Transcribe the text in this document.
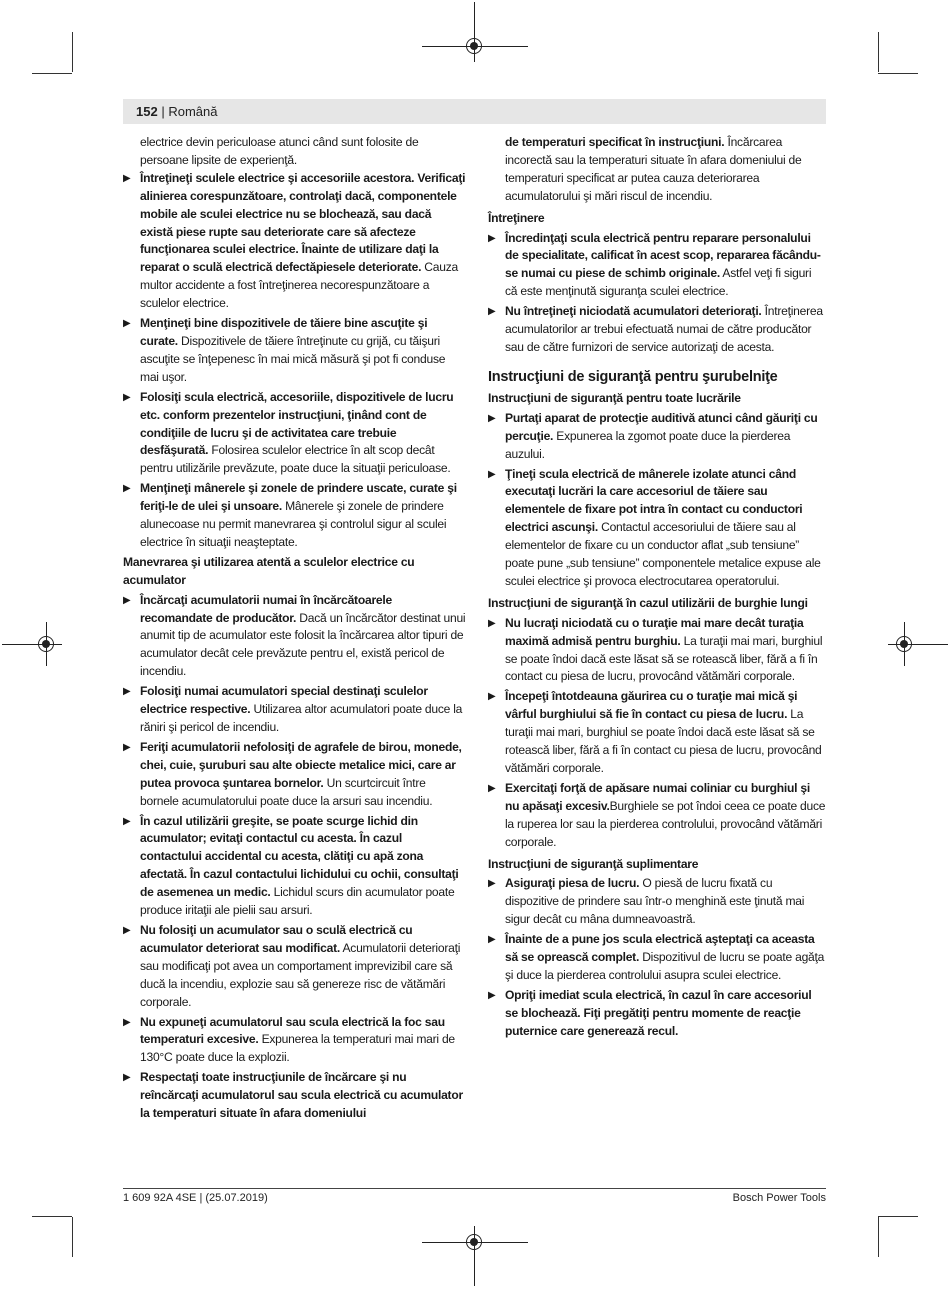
152 | Română
electrice devin periculoase atunci când sunt folosite de persoane lipsite de experienţă.
▶ Întreţineţi sculele electrice şi accesoriile acestora. Verificaţi alinierea corespunzătoare, controlaţi dacă, componentele mobile ale sculei electrice nu se blochează, sau dacă există piese rupte sau deteriorate care să afecteze funcţionarea sculei electrice. Înainte de utilizare daţi la reparat o sculă electrică defectăpiesele deteriorate. Cauza multor accidente a fost întreţinerea necorespunzătoare a sculelor electrice.
▶ Menţineţi bine dispozitivele de tăiere bine ascuţite şi curate. Dispozitivele de tăiere întreţinute cu grijă, cu tăişuri ascuţite se înţepenesc în mai mică măsură şi pot fi conduse mai uşor.
▶ Folosiţi scula electrică, accesoriile, dispozitivele de lucru etc. conform prezentelor instrucţiuni, ţinând cont de condiţiile de lucru şi de activitatea care trebuie desfăşurată. Folosirea sculelor electrice în alt scop decât pentru utilizările prevăzute, poate duce la situaţii periculoase.
▶ Menţineţi mânerele şi zonele de prindere uscate, curate şi feriţi-le de ulei şi unsoare. Mânerele şi zonele de prindere alunecoase nu permit manevrarea şi controlul sigur al sculei electrice în situaţii neaşteptate.
Manevrarea şi utilizarea atentă a sculelor electrice cu acumulator
▶ Încărcaţi acumulatorii numai în încărcătoarele recomandate de producător. Dacă un încărcător destinat unui anumit tip de acumulator este folosit la încărcarea altor tipuri de acumulator decât cele prevăzute pentru el, există pericol de incendiu.
▶ Folosiţi numai acumulatori special destinaţi sculelor electrice respective. Utilizarea altor acumulatori poate duce la răniri şi pericol de incendiu.
▶ Feriţi acumulatorii nefolosiţi de agrafele de birou, monede, chei, cuie, şuruburi sau alte obiecte metalice mici, care ar putea provoca şuntarea bornelor. Un scurtcircuit între bornele acumulatorului poate duce la arsuri sau incendiu.
▶ În cazul utilizării greşite, se poate scurge lichid din acumulator; evitaţi contactul cu acesta. În cazul contactului accidental cu acesta, clătiţi cu apă zona afectată. În cazul contactului lichidului cu ochii, consultaţi de asemenea un medic. Lichidul scurs din acumulator poate produce iritaţii ale pielii sau arsuri.
▶ Nu folosiţi un acumulator sau o sculă electrică cu acumulator deteriorat sau modificat. Acumulatorii deterioraţi sau modificaţi pot avea un comportament imprevizibil care să ducă la incendiu, explozie sau să genereze risc de vătămări corporale.
▶ Nu expuneţi acumulatorul sau scula electrică la foc sau temperaturi excesive. Expunerea la temperaturi mai mari de 130°C poate duce la explozii.
▶ Respectaţi toate instrucţiunile de încărcare şi nu reîncărcaţi acumulatorul sau scula electrică cu acumulator la temperaturi situate în afara domeniului
de temperaturi specificat în instrucţiuni. Încărcarea incorectă sau la temperaturi situate în afara domeniului de temperaturi specificat ar putea cauza deteriorarea acumulatorului şi mări riscul de incendiu.
Întreţinere
▶ Încredinţaţi scula electrică pentru reparare personalului de specialitate, calificat în acest scop, repararea făcându-se numai cu piese de schimb originale. Astfel veţi fi siguri că este menţinută siguranţa sculei electrice.
▶ Nu întreţineţi niciodată acumulatori deterioraţi. Întreţinerea acumulatorilor ar trebui efectuată numai de către producător sau de către furnizori de service autorizaţi de acesta.
Instrucţiuni de siguranţă pentru şurubelniţe
Instrucţiuni de siguranţă pentru toate lucrările
▶ Purtaţi aparat de protecţie auditivă atunci când găuriţi cu percuţie. Expunerea la zgomot poate duce la pierderea auzului.
▶ Ţineţi scula electrică de mânerele izolate atunci când executaţi lucrări la care accesoriul de tăiere sau elementele de fixare pot intra în contact cu conductori electrici ascunşi. Contactul accesoriului de tăiere sau al elementelor de fixare cu un conductor aflat „sub tensiune” poate pune „sub tensiune” componentele metalice expuse ale sculei electrice şi provoca electrocutarea operatorului.
Instrucţiuni de siguranţă în cazul utilizării de burghie lungi
▶ Nu lucraţi niciodată cu o turaţie mai mare decât turaţia maximă admisă pentru burghiu. La turaţii mai mari, burghiul se poate îndoi dacă este lăsat să se rotească liber, fără a fi în contact cu piesa de lucru, provocând vătămări corporale.
▶ Începeţi întotdeauna găurirea cu o turaţie mai mică şi vârful burghiului să fie în contact cu piesa de lucru. La turaţii mai mari, burghiul se poate îndoi dacă este lăsat să se rotească liber, fără a fi în contact cu piesa de lucru, provocând vătămări corporale.
▶ Exercitaţi forţă de apăsare numai coliniar cu burghiul şi nu apăsaţi excesiv.Burghiele se pot îndoi ceea ce poate duce la ruperea lor sau la pierderea controlului, provocând vătămări corporale.
Instrucţiuni de siguranţă suplimentare
▶ Asiguraţi piesa de lucru. O piesă de lucru fixată cu dispozitive de prindere sau într-o menghină este ţinută mai sigur decât cu mâna dumneavoastră.
▶ Înainte de a pune jos scula electrică aşteptaţi ca aceasta să se oprească complet. Dispozitivul de lucru se poate agăţa şi duce la pierderea controlului asupra sculei electrice.
▶ Opriţi imediat scula electrică, în cazul în care accesoriul se blochează. Fiţi pregătiţi pentru momente de reacţie puternice care generează recul.
1 609 92A 4SE | (25.07.2019)	Bosch Power Tools
